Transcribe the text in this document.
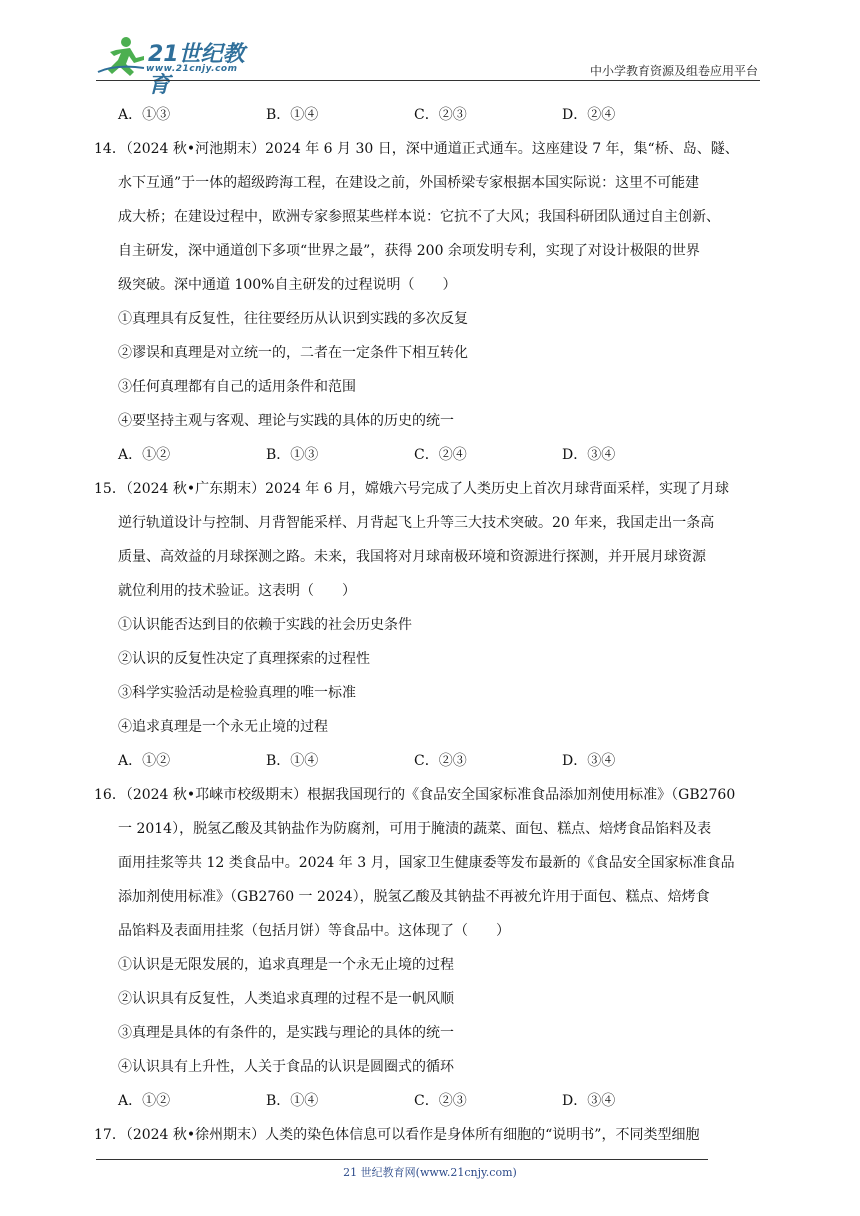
21世纪教育
www.21cnjy.com	中小学教育资源及组卷应用平台
A．①③	B．①④	C．②③	D．②④
14．（2024 秋•河池期末）2024 年 6 月 30 日，深中通道正式通车。这座建设 7 年，集“桥、岛、隧、
水下互通”于一体的超级跨海工程，在建设之前，外国桥梁专家根据本国实际说：这里不可能建
成大桥；在建设过程中，欧洲专家参照某些样本说：它抗不了大风；我国科研团队通过自主创新、
自主研发，深中通道创下多项“世界之最”，获得 200 余项发明专利，实现了对设计极限的世界
级突破。深中通道 100%自主研发的过程说明（　　）
①真理具有反复性，往往要经历从认识到实践的多次反复
②谬误和真理是对立统一的，二者在一定条件下相互转化
③任何真理都有自己的适用条件和范围
④要坚持主观与客观、理论与实践的具体的历史的统一
A．①②	B．①③	C．②④	D．③④
15．（2024 秋•广东期末）2024 年 6 月，嫦娥六号完成了人类历史上首次月球背面采样，实现了月球
逆行轨道设计与控制、月背智能采样、月背起飞上升等三大技术突破。20 年来，我国走出一条高
质量、高效益的月球探测之路。未来，我国将对月球南极环境和资源进行探测，并开展月球资源
就位利用的技术验证。这表明（　　）
①认识能否达到目的依赖于实践的社会历史条件
②认识的反复性决定了真理探索的过程性
③科学实验活动是检验真理的唯一标准
④追求真理是一个永无止境的过程
A．①②	B．①④	C．②③	D．③④
16．（2024 秋•邛崃市校级期末）根据我国现行的《食品安全国家标准食品添加剂使用标准》（GB2760
一 2014），脱氢乙酸及其钠盐作为防腐剂，可用于腌渍的蔬菜、面包、糕点、焙烤食品馅料及表
面用挂浆等共 12 类食品中。2024 年 3 月，国家卫生健康委等发布最新的《食品安全国家标准食品
添加剂使用标准》（GB2760 一 2024），脱氢乙酸及其钠盐不再被允许用于面包、糕点、焙烤食
品馅料及表面用挂浆（包括月饼）等食品中。这体现了（　　）
①认识是无限发展的，追求真理是一个永无止境的过程
②认识具有反复性，人类追求真理的过程不是一帆风顺
③真理是具体的有条件的，是实践与理论的具体的统一
④认识具有上升性，人关于食品的认识是圆圈式的循环
A．①②	B．①④	C．②③	D．③④
17．（2024 秋•徐州期末）人类的染色体信息可以看作是身体所有细胞的“说明书”，不同类型细胞
21 世纪教育网(www.21cnjy.com)
